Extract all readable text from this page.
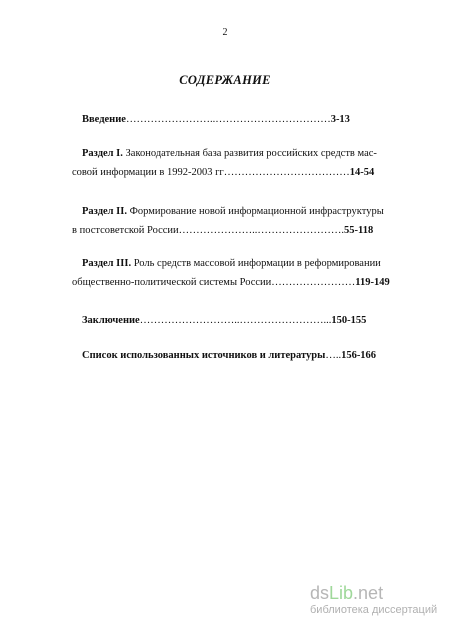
2
СОДЕРЖАНИЕ

Введение……………………..……………………………3-13

Раздел I. Законодательная база развития российских средств мас-

совой информации в 1992-2003 гг………………………………14-54

Раздел II. Формирование новой информационной инфраструктуры

в постсоветской России…………………..…………………….55-118

Раздел III. Роль средств массовой информации в реформировании

общественно-политической системы России……………………119-149

Заключение………………………..……………………...150-155

Список использованных источников и литературы…..156-166

dsLib.net
библиотека диссертаций
